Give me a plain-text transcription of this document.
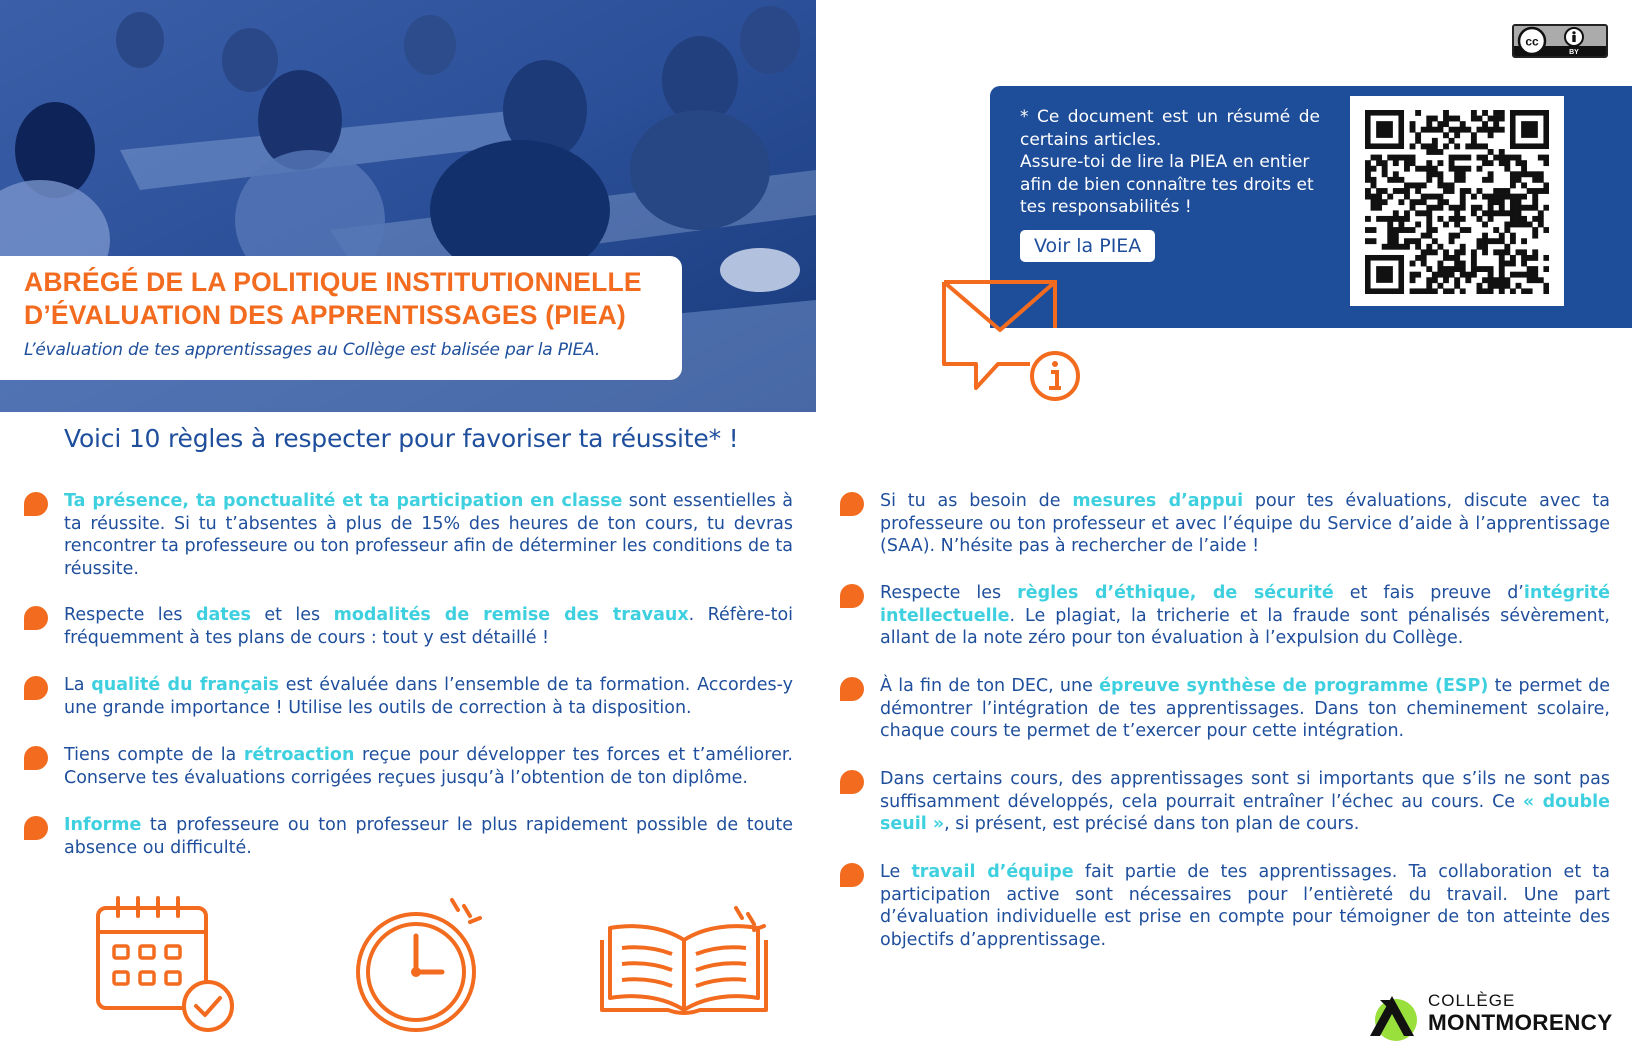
ABRÉGÉ DE LA POLITIQUE INSTITUTIONNELLE
D’ÉVALUATION DES APPRENTISSAGES (PIEA)
L’évaluation de tes apprentissages au Collège est balisée par la PIEA.
cc
BY
* Ce document est un résumé de certains articles.
Assure-toi de lire la PIEA en entier afin de bien connaître tes droits et tes responsabilités !
Voir la PIEA
Voici 10 règles à respecter pour favoriser ta réussite* !

Ta présence, ta ponctualité et ta participation en classe sont essentielles à ta réussite. Si tu t’absentes à plus de 15% des heures de ton cours, tu devras rencontrer ta professeure ou ton professeur afin de déterminer les conditions de ta réussite.

Respecte les dates et les modalités de remise des travaux. Réfère-toi fréquemment à tes plans de cours : tout y est détaillé !

La qualité du français est évaluée dans l’ensemble de ta formation. Accordes-y une grande importance ! Utilise les outils de correction à ta disposition.

Tiens compte de la rétroaction reçue pour développer tes forces et t’améliorer. Conserve tes évaluations corrigées reçues jusqu’à l’obtention de ton diplôme.

Informe ta professeure ou ton professeur le plus rapidement possible de toute absence ou difficulté.

Si tu as besoin de mesures d’appui pour tes évaluations, discute avec ta professeure ou ton professeur et avec l’équipe du Service d’aide à l’apprentissage (SAA). N’hésite pas à rechercher de l’aide !

Respecte les règles d’éthique, de sécurité et fais preuve d’intégrité intellectuelle. Le plagiat, la tricherie et la fraude sont pénalisés sévèrement, allant de la note zéro pour ton évaluation à l’expulsion du Collège.

À la fin de ton DEC, une épreuve synthèse de programme (ESP) te permet de démontrer l’intégration de tes apprentissages. Dans ton cheminement scolaire, chaque cours te permet de t’exercer pour cette intégration.

Dans certains cours, des apprentissages sont si importants que s’ils ne sont pas suffisamment développés, cela pourrait entraîner l’échec au cours. Ce « double seuil », si présent, est précisé dans ton plan de cours.

Le travail d’équipe fait partie de tes apprentissages. Ta collaboration et ta participation active sont nécessaires pour l’entièreté du travail. Une part d’évaluation individuelle est prise en compte pour témoigner de ton atteinte des objectifs d’apprentissage.

COLLÈGE
MONTMORENCY
